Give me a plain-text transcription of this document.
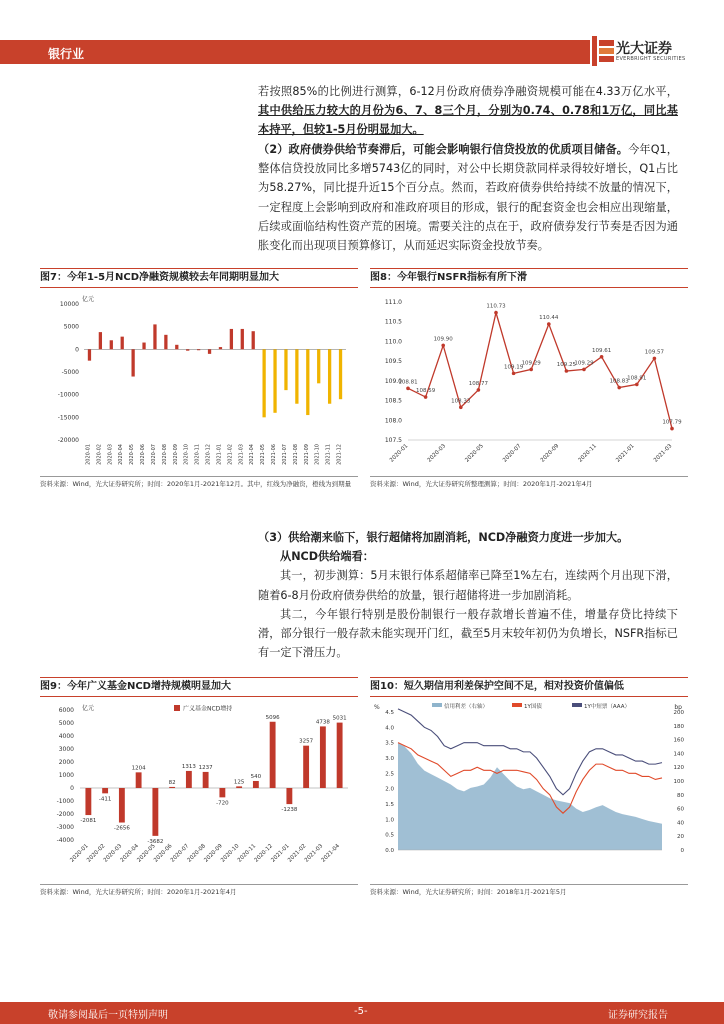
银行业	光大证券
EVERBRIGHT SECURITIES

若按照85%的比例进行测算，6-12月份政府债券净融资规模可能在4.33万亿水平，其中供给压力较大的月份为6、7、8三个月，分别为0.74、0.78和1万亿，同比基本持平，但较1-5月份明显加大。

（2）政府债券供给节奏滞后，可能会影响银行信贷投放的优质项目储备。今年Q1，整体信贷投放同比多增5743亿的同时，对公中长期贷款同样录得较好增长，Q1占比为58.27%，同比提升近15个百分点。然而，若政府债券供给持续不放量的情况下，一定程度上会影响到政府和准政府项目的形成，银行的配套资金也会相应出现缩量，后续或面临结构性资产荒的困境。需要关注的点在于，政府债券发行节奏是否因为通胀变化而出现项目预算修订，从而延迟实际资金投放节奏。

图7：今年1-5月NCD净融资规模较去年同期明显加大
亿元
10000
5000
0
-5000
-10000
-15000
-20000
2020-01 2020-02 2020-03 2020-04 2020-05 2020-06 2020-07 2020-08 2020-09 2020-10 2020-11 2020-12 2021-01 2021-02 2021-03 2021-04 2021-05 2021-06 2021-07 2021-08 2021-09 2021-10 2021-11 2021-12
资料来源：Wind，光大证券研究所；时间：2020年1月-2021年12月。其中，红线为净融资，橙线为到期量
图8：今年银行NSFR指标有所下滑
111.0
110.5
110.0
109.5
109.0
108.5
108.0
107.5
108.81
108.59
109.90
108.33
108.77
110.73
109.19
109.29
110.44
109.25
109.29
109.61
108.83
108.91
109.57
107.79
2020-01	2020-03	2020-05	2020-07	2020-09	2020-11	2021-01	2021-03
资料来源：Wind，光大证券研究所整理测算；时间：2020年1月-2021年4月

（3）供给潮来临下，银行超储将加剧消耗，NCD净融资力度进一步加大。

从NCD供给端看：

其一，初步测算：5月末银行体系超储率已降至1%左右，连续两个月出现下滑，随着6-8月份政府债券供给的放量，银行超储将进一步加剧消耗。

其二，今年银行特别是股份制银行一般存款增长普遍不佳，增量存贷比持续下滑，部分银行一般存款未能实现开门红，截至5月末较年初仍为负增长，NSFR指标已有一定下滑压力。

图9：今年广义基金NCD增持规模明显加大
亿元	广义基金NCD增持
6000
5000
4000
3000
2000
1000
0
-1000
-2000
-3000
-4000
-2081
-411
-2656
1204
-3682
82
1313 1237
-720
125
540
5096
-1238
3257
4738
5031
2020-01
2020-02
2020-03
2020-04
2020-05
2020-06
2020-07
2020-08
2020-09
2020-10
2020-11
2020-12
2021-01
2021-02
2021-03
2021-04
资料来源：Wind，光大证券研究所；时间：2020年1月-2021年4月
图10：短久期信用利差保护空间不足，相对投资价值偏低
%	bp
4.5
4.0
3.5
3.0
2.5
2.0
1.5
1.0
0.5
0.0
200
180
160
140
120
100
80
60
40
20
0
信用利差（右轴）	1Y国债	1Y中短票（AAA）
资料来源：Wind，光大证券研究所；时间：2018年1月-2021年5月
敬请参阅最后一页特别声明	-5-	证券研究报告
